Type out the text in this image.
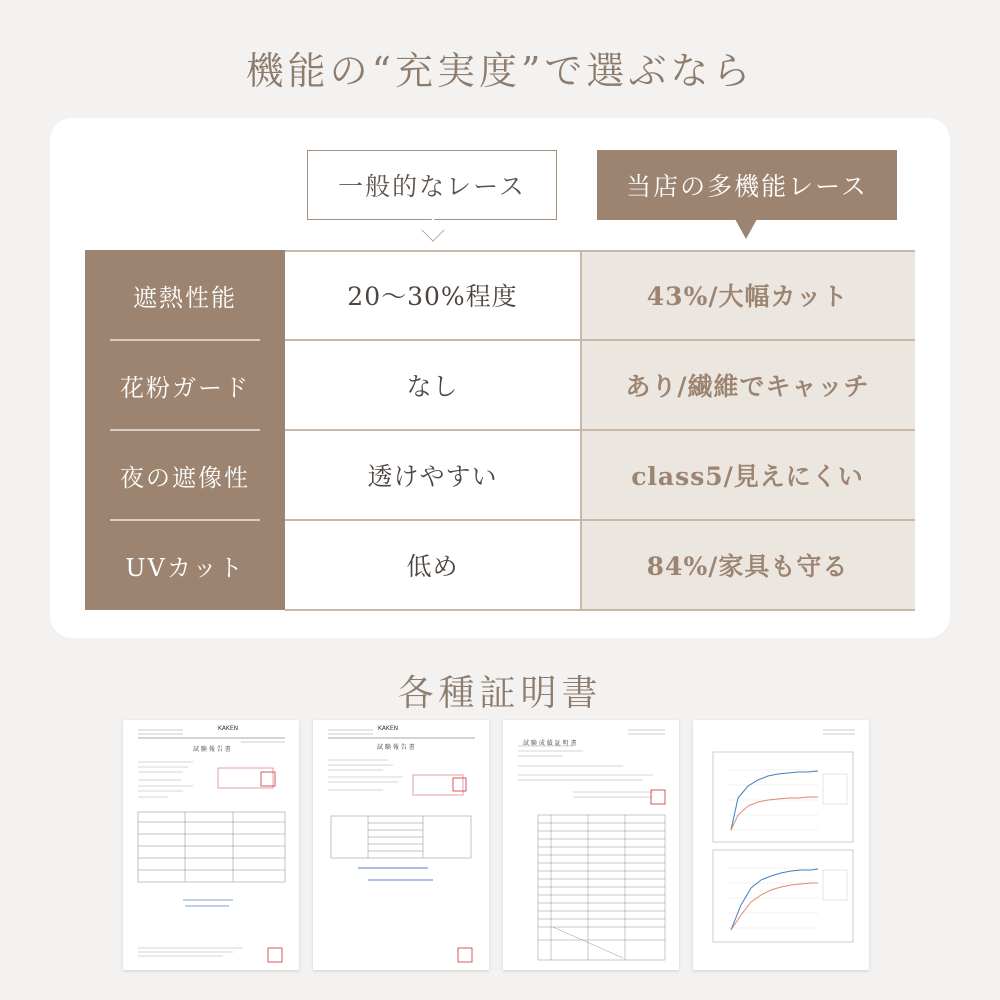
機能の“充実度”で選ぶなら
一般的なレース	当店の多機能レース
遮熱性能
花粉ガード
夜の遮像性
UVカット
20〜30%程度
なし
透けやすい
低め
43%/大幅カット
あり/繊維でキャッチ
class5/見えにくい
84%/家具も守る
各種証明書
試 験 報 告 書
KAKEN
試 験 報 告 書
KAKEN
試 験 成 績 証 明 書
